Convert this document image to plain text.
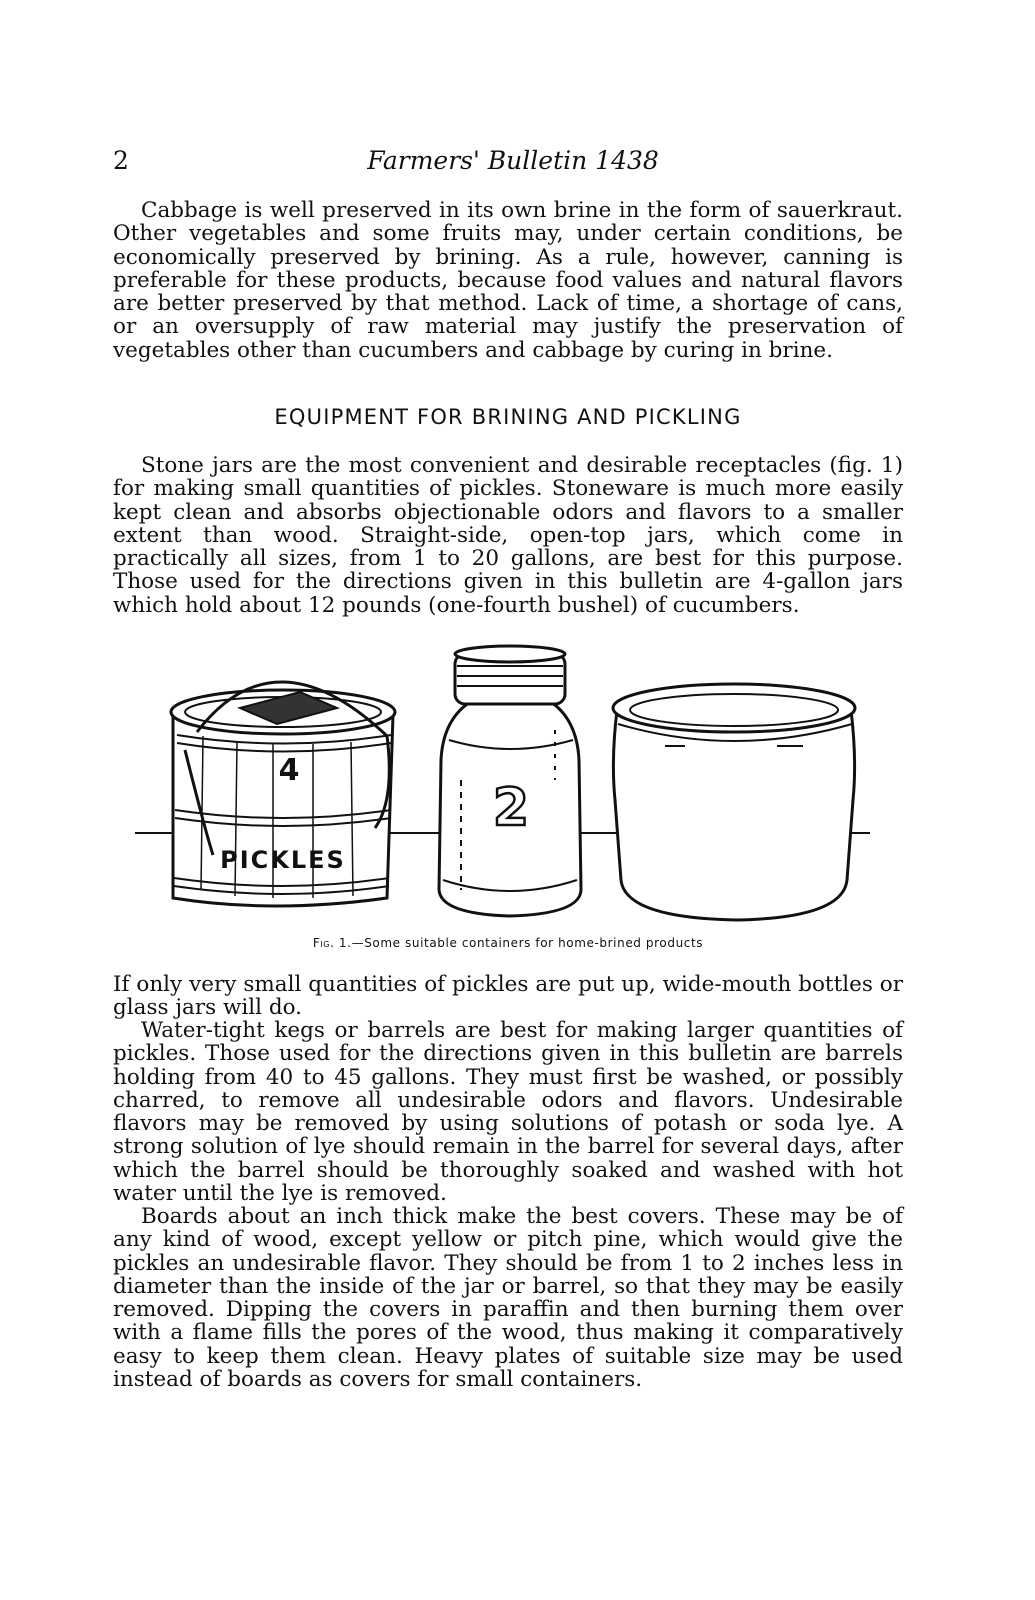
2	Farmers' Bulletin 1438

Cabbage is well preserved in its own brine in the form of sauerkraut. Other vegetables and some fruits may, under certain conditions, be economically preserved by brining. As a rule, however, canning is preferable for these products, because food values and natural flavors are better preserved by that method. Lack of time, a shortage of cans, or an oversupply of raw material may justify the preservation of vegetables other than cucumbers and cabbage by curing in brine.

EQUIPMENT FOR BRINING AND PICKLING

Stone jars are the most convenient and desirable receptacles (fig. 1) for making small quantities of pickles. Stoneware is much more easily kept clean and absorbs objectionable odors and flavors to a smaller extent than wood. Straight-side, open-top jars, which come in practically all sizes, from 1 to 20 gallons, are best for this purpose. Those used for the directions given in this bulletin are 4-gallon jars which hold about 12 pounds (one-fourth bushel) of cucumbers.

4
PICKLES
2
Fig. 1.—Some suitable containers for home-brined products

If only very small quantities of pickles are put up, wide-mouth bottles or glass jars will do.

Water-tight kegs or barrels are best for making larger quantities of pickles. Those used for the directions given in this bulletin are barrels holding from 40 to 45 gallons. They must first be washed, or possibly charred, to remove all undesirable odors and flavors. Undesirable flavors may be removed by using solutions of potash or soda lye. A strong solution of lye should remain in the barrel for several days, after which the barrel should be thoroughly soaked and washed with hot water until the lye is removed.

Boards about an inch thick make the best covers. These may be of any kind of wood, except yellow or pitch pine, which would give the pickles an undesirable flavor. They should be from 1 to 2 inches less in diameter than the inside of the jar or barrel, so that they may be easily removed. Dipping the covers in paraffin and then burning them over with a flame fills the pores of the wood, thus making it comparatively easy to keep them clean. Heavy plates of suitable size may be used instead of boards as covers for small containers.
